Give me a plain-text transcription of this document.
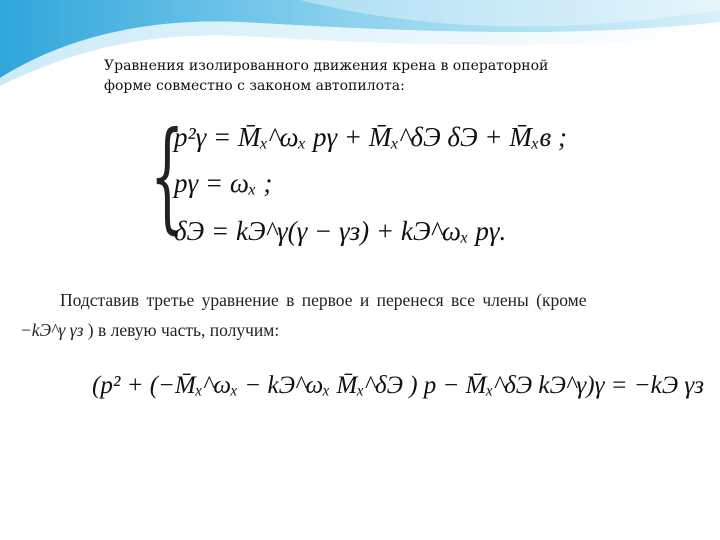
Уравнения изолированного движения крена в операторной
форме совместно с законом автопилота:
{
p²γ = M̄ₓ^ωₓ pγ + M̄ₓ^δЭ δЭ + M̄ₓв ;
pγ = ωₓ ;
δЭ = kЭ^γ(γ − γз) + kЭ^ωₓ pγ.
Подставив третье уравнение в первое и перенеся все члены (кроме
−kЭ^γ γз ) в левую часть, получим:
(p² + (−M̄ₓ^ωₓ − kЭ^ωₓ M̄ₓ^δЭ ) p − M̄ₓ^δЭ kЭ^γ)γ = −kЭ γз
